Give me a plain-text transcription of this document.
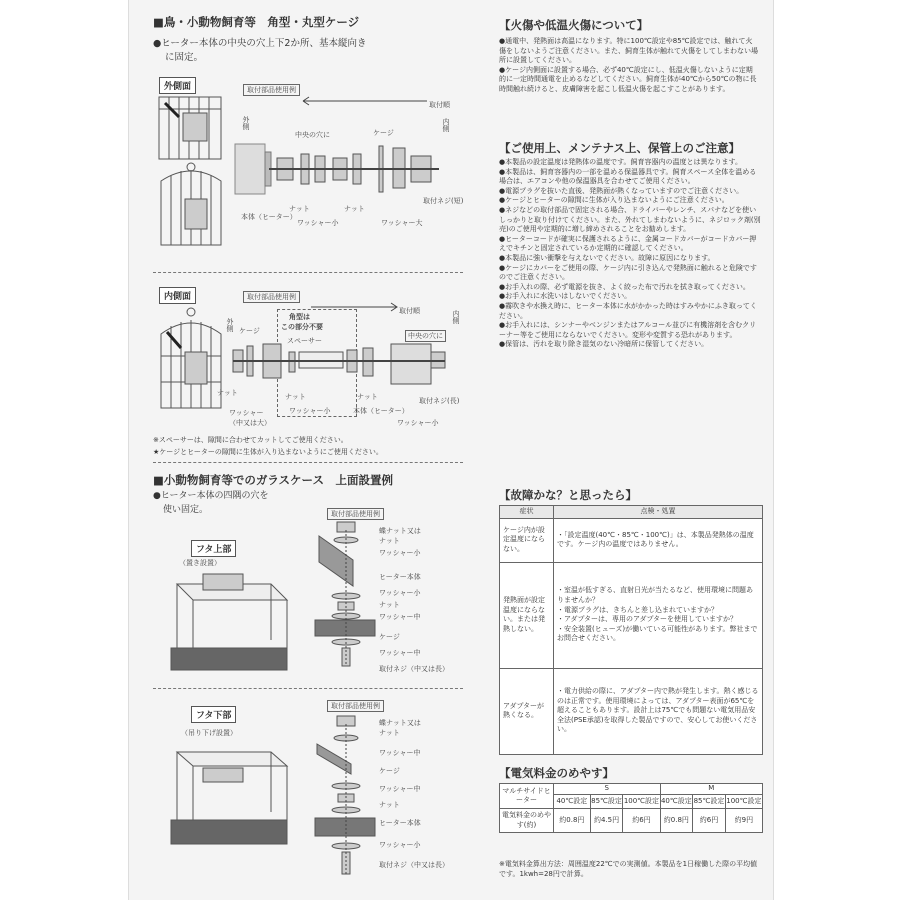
■鳥・小動物飼育等　角型・丸型ケージ
●ヒーター本体の中央の穴上下2か所、基本縦向き
に固定。
外側面	取付部品使用例
取付順
外側	内側
中央の穴に	ケージ
本体（ヒーター）
ナット	ナット
ワッシャー小	ワッシャー大
取付ネジ(短)
内側面	取付部品使用例
取付順
外側
内側
ケージ
角型は
この部分不要
スペーサー
中央の穴に
ナット	ナット	ナット	取付ネジ(長)
ワッシャー（中又は大）
ワッシャー小	本体（ヒーター）
ワッシャー小
※スペーサーは、隙間に合わせてカットしてご使用ください。
★ケージとヒーターの隙間に生体が入り込まないようにご使用ください。
■小動物飼育等でのガラスケース　上面設置例
●ヒーター本体の四隅の穴を
使い固定。
フタ上部
（置き設置）
取付部品使用例
蝶ナット又はナット
ワッシャー小
ヒーター本体
ワッシャー小
ナット
ワッシャー中
ケージ
ワッシャー中
取付ネジ（中又は長）
フタ下部
（吊り下げ設置）
取付部品使用例
蝶ナット又はナット
ワッシャー中
ケージ
ワッシャー中
ナット
ヒーター本体
ワッシャー小
取付ネジ（中又は長）
【火傷や低温火傷について】
●通電中、発熱面は高温になります。特に100℃設定や85℃設定では、触れて火傷をしないようご注意ください。また、飼育生体が触れて火傷をしてしまわない場所に設置してください。
●ケージ内側面に設置する場合、必ず40℃設定にし、低温火傷しないように定期的に一定時間通電を止めるなどしてください。飼育生体が40℃から50℃の物に長時間触れ続けると、皮膚障害を起こし低温火傷を起こすことがあります。
【ご使用上、メンテナス上、保管上のご注意】
●本製品の設定温度は発熱体の温度です。飼育容器内の温度とは異なります。
●本製品は、飼育容器内の一部を温める保温器具です。飼育スペース全体を温める場合は、エアコンや他の保温器具を合わせてご使用ください。
●電源プラグを抜いた直後、発熱面が熱くなっていますのでご注意ください。
●ケージとヒーターの隙間に生体が入り込まないようにご注意ください。
●ネジなどの取付部品で固定される場合、ドライバーやレンチ、スパナなどを使いしっかりと取り付けてください。また、外れてしまわないように、ネジロック剤(別売)のご使用や定期的に増し締めされることをお勧めします。
●ヒーターコードが確実に保護されるように、金属コードカバーがコードカバー押えでキチンと固定されているか定期的に確認してください。
●本製品に強い衝撃を与えないでください。故障に原因になります。
●ケージにカバーをご使用の際、ケージ内に引き込んで発熱面に触れると危険ですのでご注意ください。
●お手入れの際、必ず電源を抜き、よく絞った布で汚れを拭き取ってください。
●お手入れに水洗いはしないでください。
●霧吹きや水換え時に、ヒーター本体に水がかかった時はすみやかにふき取ってください。
●お手入れには、シンナーやベンジンまたはアルコール並びに有機溶剤を含むクリーナー等をご使用にならないでください。変形や変質する恐れがあります。
●保管は、汚れを取り除き湿気のない冷暗所に保管してください。
【故障かな？と思ったら】
症状	点検・処置
ケージ内が設定温度にならない。	・「設定温度(40℃・85℃・100℃)」は、本製品発熱体の温度です。ケージ内の温度ではありません。
発熱面が設定温度にならない。または発熱しない。	・室温が低すぎる、直射日光が当たるなど、使用環境に問題ありませんか？
・電源プラグは、きちんと差し込まれていますか？
・アダプターは、専用のアダプターを使用していますか？
・安全装置(ヒューズ)が働いている可能性があります。弊社までお問合せください。
アダプターが熱くなる。	・電力供給の際に、アダプター内で熱が発生します。熱く感じるのは正常です。使用環境によっては、アダプター表面が65℃を超えることもあります。設計上は75℃でも問題ない電気用品安全法(PSE承認)を取得した製品ですので、安心してお使いください。
【電気料金のめやす】
マルチサイドヒーター	S			M		
	40℃設定	85℃設定	100℃設定	40℃設定	85℃設定	100℃設定
電気料金のめやす(約)	約0.8円	約4.5円	約6円	約0.8円	約6円	約9円
※電気料金算出方法：周囲温度22℃での実測値。本製品を1日稼働した際の平均値です。1kwh=28円で計算。
